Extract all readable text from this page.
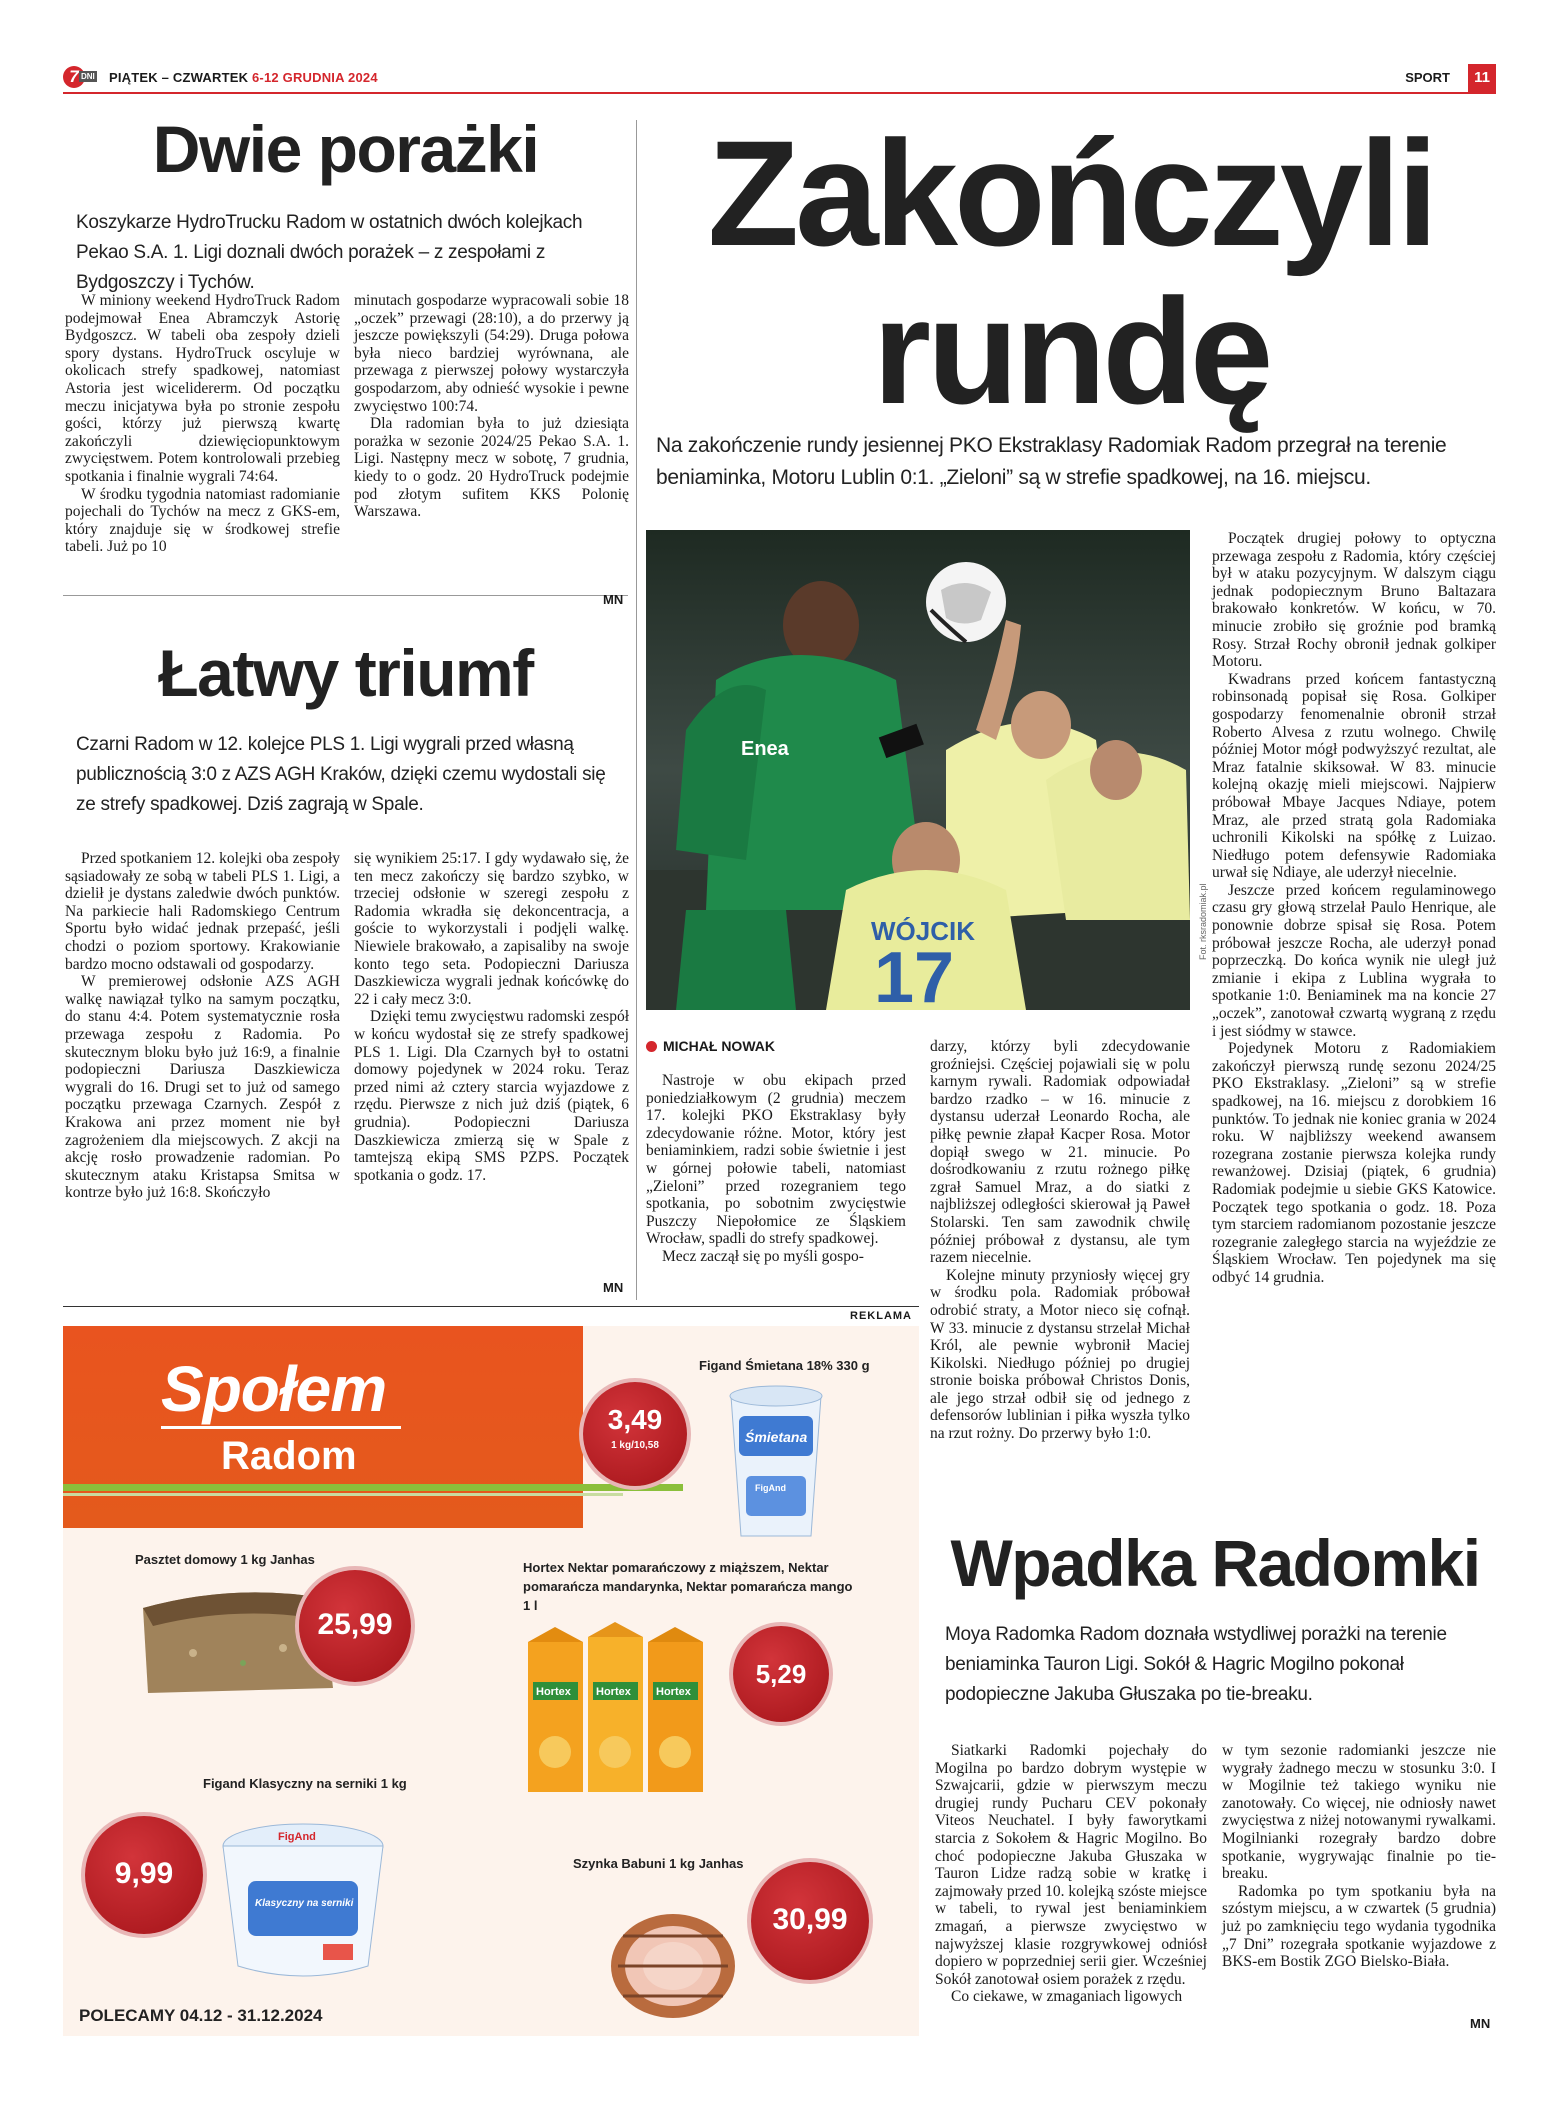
7 DNI PIĄTEK – CZWARTEK 6-12 GRUDNIA 2024	SPORT	11
Dwie porażki
Koszykarze HydroTrucku Radom w ostatnich dwóch kolejkach Pekao S.A. 1. Ligi doznali dwóch porażek – z zespołami z Bydgoszczy i Tychów.

W miniony weekend HydroTruck Radom podejmował Enea Abramczyk Astorię Bydgoszcz. W tabeli oba zespoły dzieli spory dystans. HydroTruck oscyluje w okolicach strefy spadkowej, natomiast Astoria jest wicelidererm. Od początku meczu inicjatywa była po stronie zespołu gości, którzy już pierwszą kwartę zakończyli dziewięciopunktowym zwycięstwem. Potem kontrolowali przebieg spotkania i finalnie wygrali 74:64.

W środku tygodnia natomiast radomianie pojechali do Tychów na mecz z GKS-em, który znajduje się w środkowej strefie tabeli. Już po 10

minutach gospodarze wypracowali sobie 18 „oczek” przewagi (28:10), a do przerwy ją jeszcze powiększyli (54:29). Druga połowa była nieco bardziej wyrównana, ale przewaga z pierwszej połowy wystarczyła gospodarzom, aby odnieść wysokie i pewne zwycięstwo 100:74.

Dla radomian była to już dziesiąta porażka w sezonie 2024/25 Pekao S.A. 1. Ligi. Następny mecz w sobotę, 7 grudnia, kiedy to o godz. 20 HydroTruck podejmie pod złotym sufitem KKS Polonię Warszawa.

MN
Łatwy triumf
Czarni Radom w 12. kolejce PLS 1. Ligi wygrali przed własną publicznością 3:0 z AZS AGH Kraków, dzięki czemu wydostali się ze strefy spadkowej. Dziś zagrają w Spale.

Przed spotkaniem 12. kolejki oba zespoły sąsiadowały ze sobą w tabeli PLS 1. Ligi, a dzielił je dystans zaledwie dwóch punktów. Na parkiecie hali Radomskiego Centrum Sportu było widać jednak przepaść, jeśli chodzi o poziom sportowy. Krakowianie bardzo mocno odstawali od gospodarzy.

W premierowej odsłonie AZS AGH walkę nawiązał tylko na samym początku, do stanu 4:4. Potem systematycznie rosła przewaga zespołu z Radomia. Po skutecznym bloku było już 16:9, a finalnie podopieczni Dariusza Daszkiewicza wygrali do 16. Drugi set to już od samego początku przewaga Czarnych. Zespół z Krakowa ani przez moment nie był zagrożeniem dla miejscowych. Z akcji na akcję rosło prowadzenie radomian. Po skutecznym ataku Kristapsa Smitsa w kontrze było już 16:8. Skończyło

się wynikiem 25:17. I gdy wydawało się, że ten mecz zakończy się bardzo szybko, w trzeciej odsłonie w szeregi zespołu z Radomia wkradła się dekoncentracja, a goście to wykorzystali i podjęli walkę. Niewiele brakowało, a zapisaliby na swoje konto tego seta. Podopieczni Dariusza Daszkiewicza wygrali jednak końcówkę do 22 i cały mecz 3:0.

Dzięki temu zwycięstwu radomski zespół w końcu wydostał się ze strefy spadkowej PLS 1. Ligi. Dla Czarnych był to ostatni domowy pojedynek w 2024 roku. Teraz przed nimi aż cztery starcia wyjazdowe z rzędu. Pierwsze z nich już dziś (piątek, 6 grudnia). Podopieczni Dariusza Daszkiewicza zmierzą się w Spale z tamtejszą ekipą SMS PZPS. Początek spotkania o godz. 17.

MN
Zakończyli
rundę
Na zakończenie rundy jesiennej PKO Ekstraklasy Radomiak Radom przegrał na terenie beniaminka, Motoru Lublin 0:1. „Zieloni” są w strefie spadkowej, na 16. miejscu.
Enea
WÓJCIK
17
Fot. rksradomiak.pl
MICHAŁ NOWAK

Nastroje w obu ekipach przed poniedziałkowym (2 grudnia) meczem 17. kolejki PKO Ekstraklasy były zdecydowanie różne. Motor, który jest beniaminkiem, radzi sobie świetnie i jest w górnej połowie tabeli, natomiast „Zieloni” przed rozegraniem tego spotkania, po sobotnim zwycięstwie Puszczy Niepołomice ze Śląskiem Wrocław, spadli do strefy spadkowej.

Mecz zaczął się po myśli gospo-

darzy, którzy byli zdecydowanie groźniejsi. Częściej pojawiali się w polu karnym rywali. Radomiak odpowiadał bardzo rzadko – w 16. minucie z dystansu uderzał Leonardo Rocha, ale piłkę pewnie złapał Kacper Rosa. Motor dopiął swego w 21. minucie. Po dośrodkowaniu z rzutu rożnego piłkę zgrał Samuel Mraz, a do siatki z najbliższej odległości skierował ją Paweł Stolarski. Ten sam zawodnik chwilę później próbował z dystansu, ale tym razem niecelnie.

Kolejne minuty przyniosły więcej gry w środku pola. Radomiak próbował odrobić straty, a Motor nieco się cofnął. W 33. minucie z dystansu strzelał Michał Król, ale pewnie wybronił Maciej Kikolski. Niedługo później po drugiej stronie boiska próbował Christos Donis, ale jego strzał odbił się od jednego z defensorów lublinian i piłka wyszła tylko na rzut rożny. Do przerwy było 1:0.

Początek drugiej połowy to optyczna przewaga zespołu z Radomia, który częściej był w ataku pozycyjnym. W dalszym ciągu jednak podopiecznym Bruno Baltazara brakowało konkretów. W końcu, w 70. minucie zrobiło się groźnie pod bramką Rosy. Strzał Rochy obronił jednak golkiper Motoru.

Kwadrans przed końcem fantastyczną robinsonadą popisał się Rosa. Golkiper gospodarzy fenomenalnie obronił strzał Roberto Alvesa z rzutu wolnego. Chwilę później Motor mógł podwyższyć rezultat, ale Mraz fatalnie skiksował. W 83. minucie kolejną okazję mieli miejscowi. Najpierw próbował Mbaye Jacques Ndiaye, potem Mraz, ale przed stratą gola Radomiaka uchronili Kikolski na spółkę z Luizao. Niedługo potem defensywie Radomiaka urwał się Ndiaye, ale uderzył niecelnie.

Jeszcze przed końcem regulaminowego czasu gry głową strzelał Paulo Henrique, ale ponownie dobrze spisał się Rosa. Potem próbował jeszcze Rocha, ale uderzył ponad poprzeczką. Do końca wynik nie uległ już zmianie i ekipa z Lublina wygrała to spotkanie 1:0. Beniaminek ma na koncie 27 „oczek”, zanotował czwartą wygraną z rzędu i jest siódmy w stawce.

Pojedynek Motoru z Radomiakiem zakończył pierwszą rundę sezonu 2024/25 PKO Ekstraklasy. „Zieloni” są w strefie spadkowej, na 16. miejscu z dorobkiem 16 punktów. To jednak nie koniec grania w 2024 roku. W najbliższy weekend awansem rozegrana zostanie pierwsza kolejka rundy rewanżowej. Dzisiaj (piątek, 6 grudnia) Radomiak podejmie u siebie GKS Katowice. Początek tego spotkania o godz. 18. Poza tym starciem radomianom pozostanie jeszcze rozegranie zaległego starcia na wyjeździe ze Śląskiem Wrocław. Ten pojedynek ma się odbyć 14 grudnia.

Wpadka Radomki
Moya Radomka Radom doznała wstydliwej porażki na terenie beniaminka Tauron Ligi. Sokół & Hagric Mogilno pokonał podopieczne Jakuba Głuszaka po tie-breaku.

Siatkarki Radomki pojechały do Mogilna po bardzo dobrym występie w Szwajcarii, gdzie w pierwszym meczu drugiej rundy Pucharu CEV pokonały Viteos Neuchatel. I były faworytkami starcia z Sokołem & Hagric Mogilno. Bo choć podopieczne Jakuba Głuszaka w Tauron Lidze radzą sobie w kratkę i zajmowały przed 10. kolejką szóste miejsce w tabeli, to rywal jest beniaminkiem zmagań, a pierwsze zwycięstwo w najwyższej klasie rozgrywkowej odniósł dopiero w poprzedniej serii gier. Wcześniej Sokół zanotował osiem porażek z rzędu.

Co ciekawe, w zmaganiach ligowych

w tym sezonie radomianki jeszcze nie wygrały żadnego meczu w stosunku 3:0. I w Mogilnie też takiego wyniku nie zanotowały. Co więcej, nie odniosły nawet zwycięstwa z niżej notowanymi rywalkami. Mogilnianki rozegrały bardzo dobre spotkanie, wygrywając finalnie po tie-breaku.

Radomka po tym spotkaniu była na szóstym miejscu, a w czwartek (5 grudnia) już po zamknięciu tego wydania tygodnika „7 Dni” rozegrała spotkanie wyjazdowe z BKS-em Bostik ZGO Bielsko-Biała.

MN
REKLAMA
Społem
Radom
Figand Śmietana 18% 330 g
3,49
1 kg/10,58
Śmietana
FigAnd
Pasztet domowy 1 kg Janhas
25,99
Hortex Nektar pomarańczowy z miąższem, Nektar pomarańcza mandarynka, Nektar pomarańcza mango 1 l
Hortex Hortex Hortex
5,29
Figand Klasyczny na serniki 1 kg
9,99
Klasyczny na serniki
FigAnd
Szynka Babuni 1 kg Janhas
30,99
POLECAMY 04.12 - 31.12.2024
